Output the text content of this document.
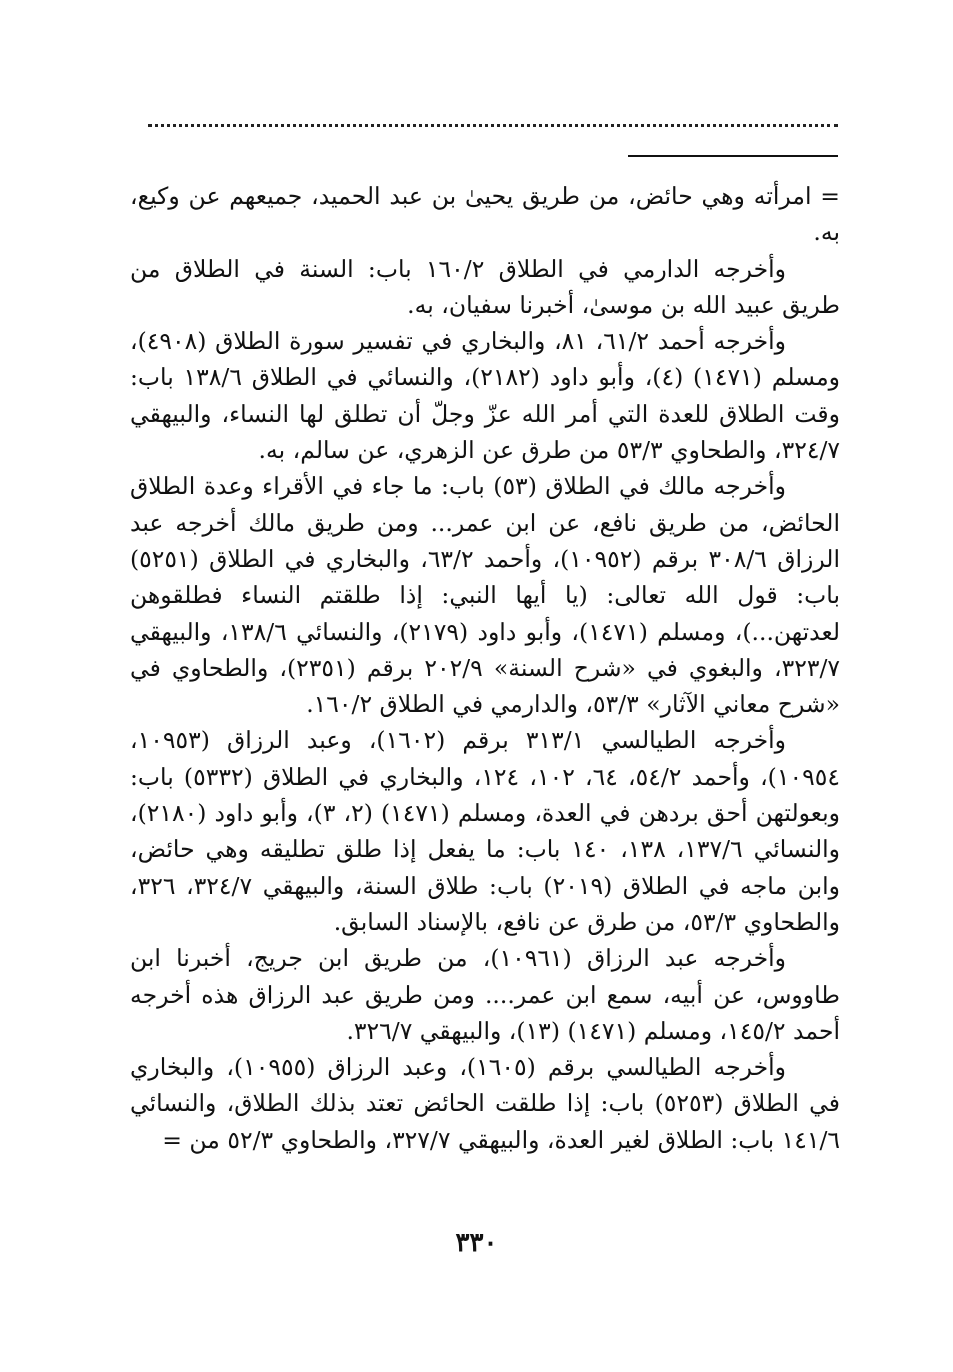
= امرأته وهي حائض، من طريق يحيىٰ بن عبد الحميد، جميعهم عن وكيع، به.

وأخرجه الدارمي في الطلاق ١٦٠/٢ باب: السنة في الطلاق من طريق عبيد الله بن موسىٰ، أخبرنا سفيان، به.

وأخرجه أحمد ٦١/٢، ٨١، والبخاري في تفسير سورة الطلاق (٤٩٠٨)، ومسلم (١٤٧١) (٤)، وأبو داود (٢١٨٢)، والنسائي في الطلاق ١٣٨/٦ باب: وقت الطلاق للعدة التي أمر الله عزّ وجلّ أن تطلق لها النساء، والبيهقي ٣٢٤/٧، والطحاوي ٥٣/٣ من طرق عن الزهري، عن سالم، به.

وأخرجه مالك في الطلاق (٥٣) باب: ما جاء في الأقراء وعدة الطلاق الحائض، من طريق نافع، عن ابن عمر... ومن طريق مالك أخرجه عبد الرزاق ٣٠٨/٦ برقم (١٠٩٥٢)، وأحمد ٦٣/٢، والبخاري في الطلاق (٥٢٥١) باب: قول الله تعالى: (يا أيها النبي: إذا طلقتم النساء فطلقوهن لعدتهن...)، ومسلم (١٤٧١)، وأبو داود (٢١٧٩)، والنسائي ١٣٨/٦، والبيهقي ٣٢٣/٧، والبغوي في «شرح السنة» ٢٠٢/٩ برقم (٢٣٥١)، والطحاوي في «شرح معاني الآثار» ٥٣/٣، والدارمي في الطلاق ١٦٠/٢.

وأخرجه الطيالسي ٣١٣/١ برقم (١٦٠٢)، وعبد الرزاق (١٠٩٥٣، ١٠٩٥٤)، وأحمد ٥٤/٢، ٦٤، ١٠٢، ١٢٤، والبخاري في الطلاق (٥٣٣٢) باب: وبعولتهن أحق بردهن في العدة، ومسلم (١٤٧١) (٢، ٣)، وأبو داود (٢١٨٠)، والنسائي ١٣٧/٦، ١٣٨، ١٤٠ باب: ما يفعل إذا طلق تطليقه وهي حائض، وابن ماجه في الطلاق (٢٠١٩) باب: طلاق السنة، والبيهقي ٣٢٤/٧، ٣٢٦، والطحاوي ٥٣/٣، من طرق عن نافع، بالإسناد السابق.

وأخرجه عبد الرزاق (١٠٩٦١)، من طريق ابن جريج، أخبرنا ابن طاووس، عن أبيه، سمع ابن عمر.... ومن طريق عبد الرزاق هذه أخرجه أحمد ١٤٥/٢، ومسلم (١٤٧١) (١٣)، والبيهقي ٣٢٦/٧.

وأخرجه الطيالسي برقم (١٦٠٥)، وعبد الرزاق (١٠٩٥٥)، والبخاري في الطلاق (٥٢٥٣) باب: إذا طلقت الحائض تعتد بذلك الطلاق، والنسائي ١٤١/٦ باب: الطلاق لغير العدة، والبيهقي ٣٢٧/٧، والطحاوي ٥٢/٣ من =

٣٣٠
